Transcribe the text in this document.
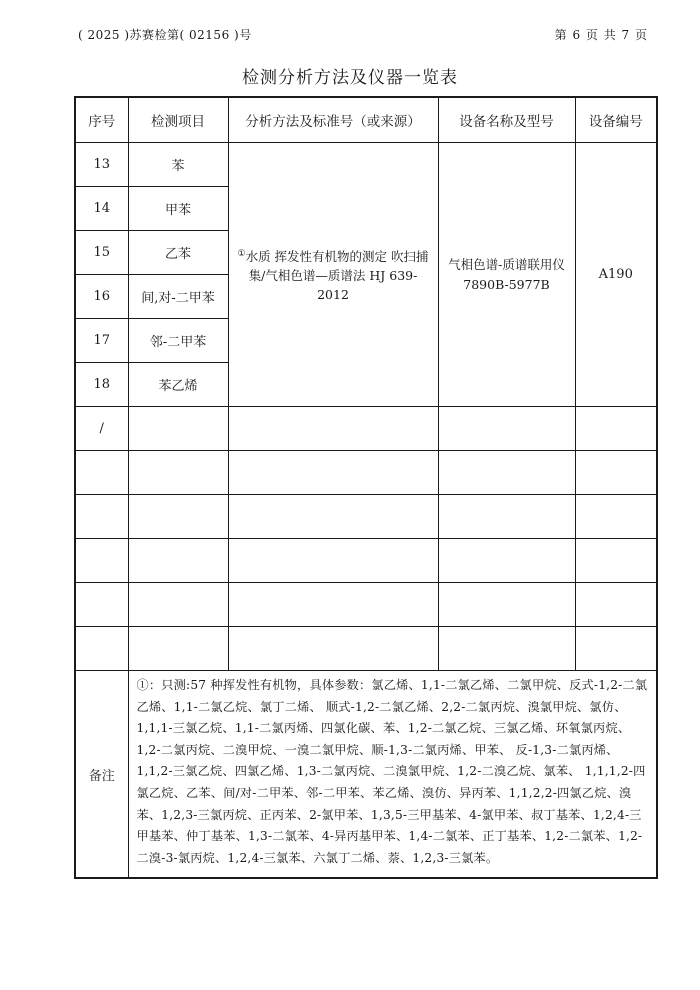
( 2025 )苏赛检第( 02156 )号	第 6 页 共 7 页
检测分析方法及仪器一览表
序号	检测项目	分析方法及标准号（或来源）	设备名称及型号	设备编号
13	苯	①水质 挥发性有机物的测定 吹扫捕集/气相色谱—质谱法 HJ 639-2012	气相色谱-质谱联用仪 7890B-5977B	A190
14	甲苯			
15	乙苯			
16	间,对-二甲苯			
17	邻-二甲苯			
18	苯乙烯			
/				

备注	①：只测:57 种挥发性有机物，具体参数：氯乙烯、1,1-二氯乙烯、二氯甲烷、反式-1,2-二氯乙烯、1,1-二氯乙烷、氯丁二烯、 顺式-1,2-二氯乙烯、2,2-二氯丙烷、溴氯甲烷、氯仿、1,1,1-三氯乙烷、1,1-二氯丙烯、四氯化碳、苯、1,2-二氯乙烷、三氯乙烯、环氧氯丙烷、1,2-二氯丙烷、二溴甲烷、一溴二氯甲烷、顺-1,3-二氯丙烯、甲苯、 反-1,3-二氯丙烯、1,1,2-三氯乙烷、四氯乙烯、1,3-二氯丙烷、二溴氯甲烷、1,2-二溴乙烷、氯苯、 1,1,1,2-四氯乙烷、乙苯、间/对-二甲苯、邻-二甲苯、苯乙烯、溴仿、异丙苯、1,1,2,2-四氯乙烷、溴苯、1,2,3-三氯丙烷、正丙苯、2-氯甲苯、1,3,5-三甲基苯、4-氯甲苯、叔丁基苯、1,2,4-三甲基苯、仲丁基苯、1,3-二氯苯、4-异丙基甲苯、1,4-二氯苯、正丁基苯、1,2-二氯苯、1,2-二溴-3-氯丙烷、1,2,4-三氯苯、六氯丁二烯、萘、1,2,3-三氯苯。			
